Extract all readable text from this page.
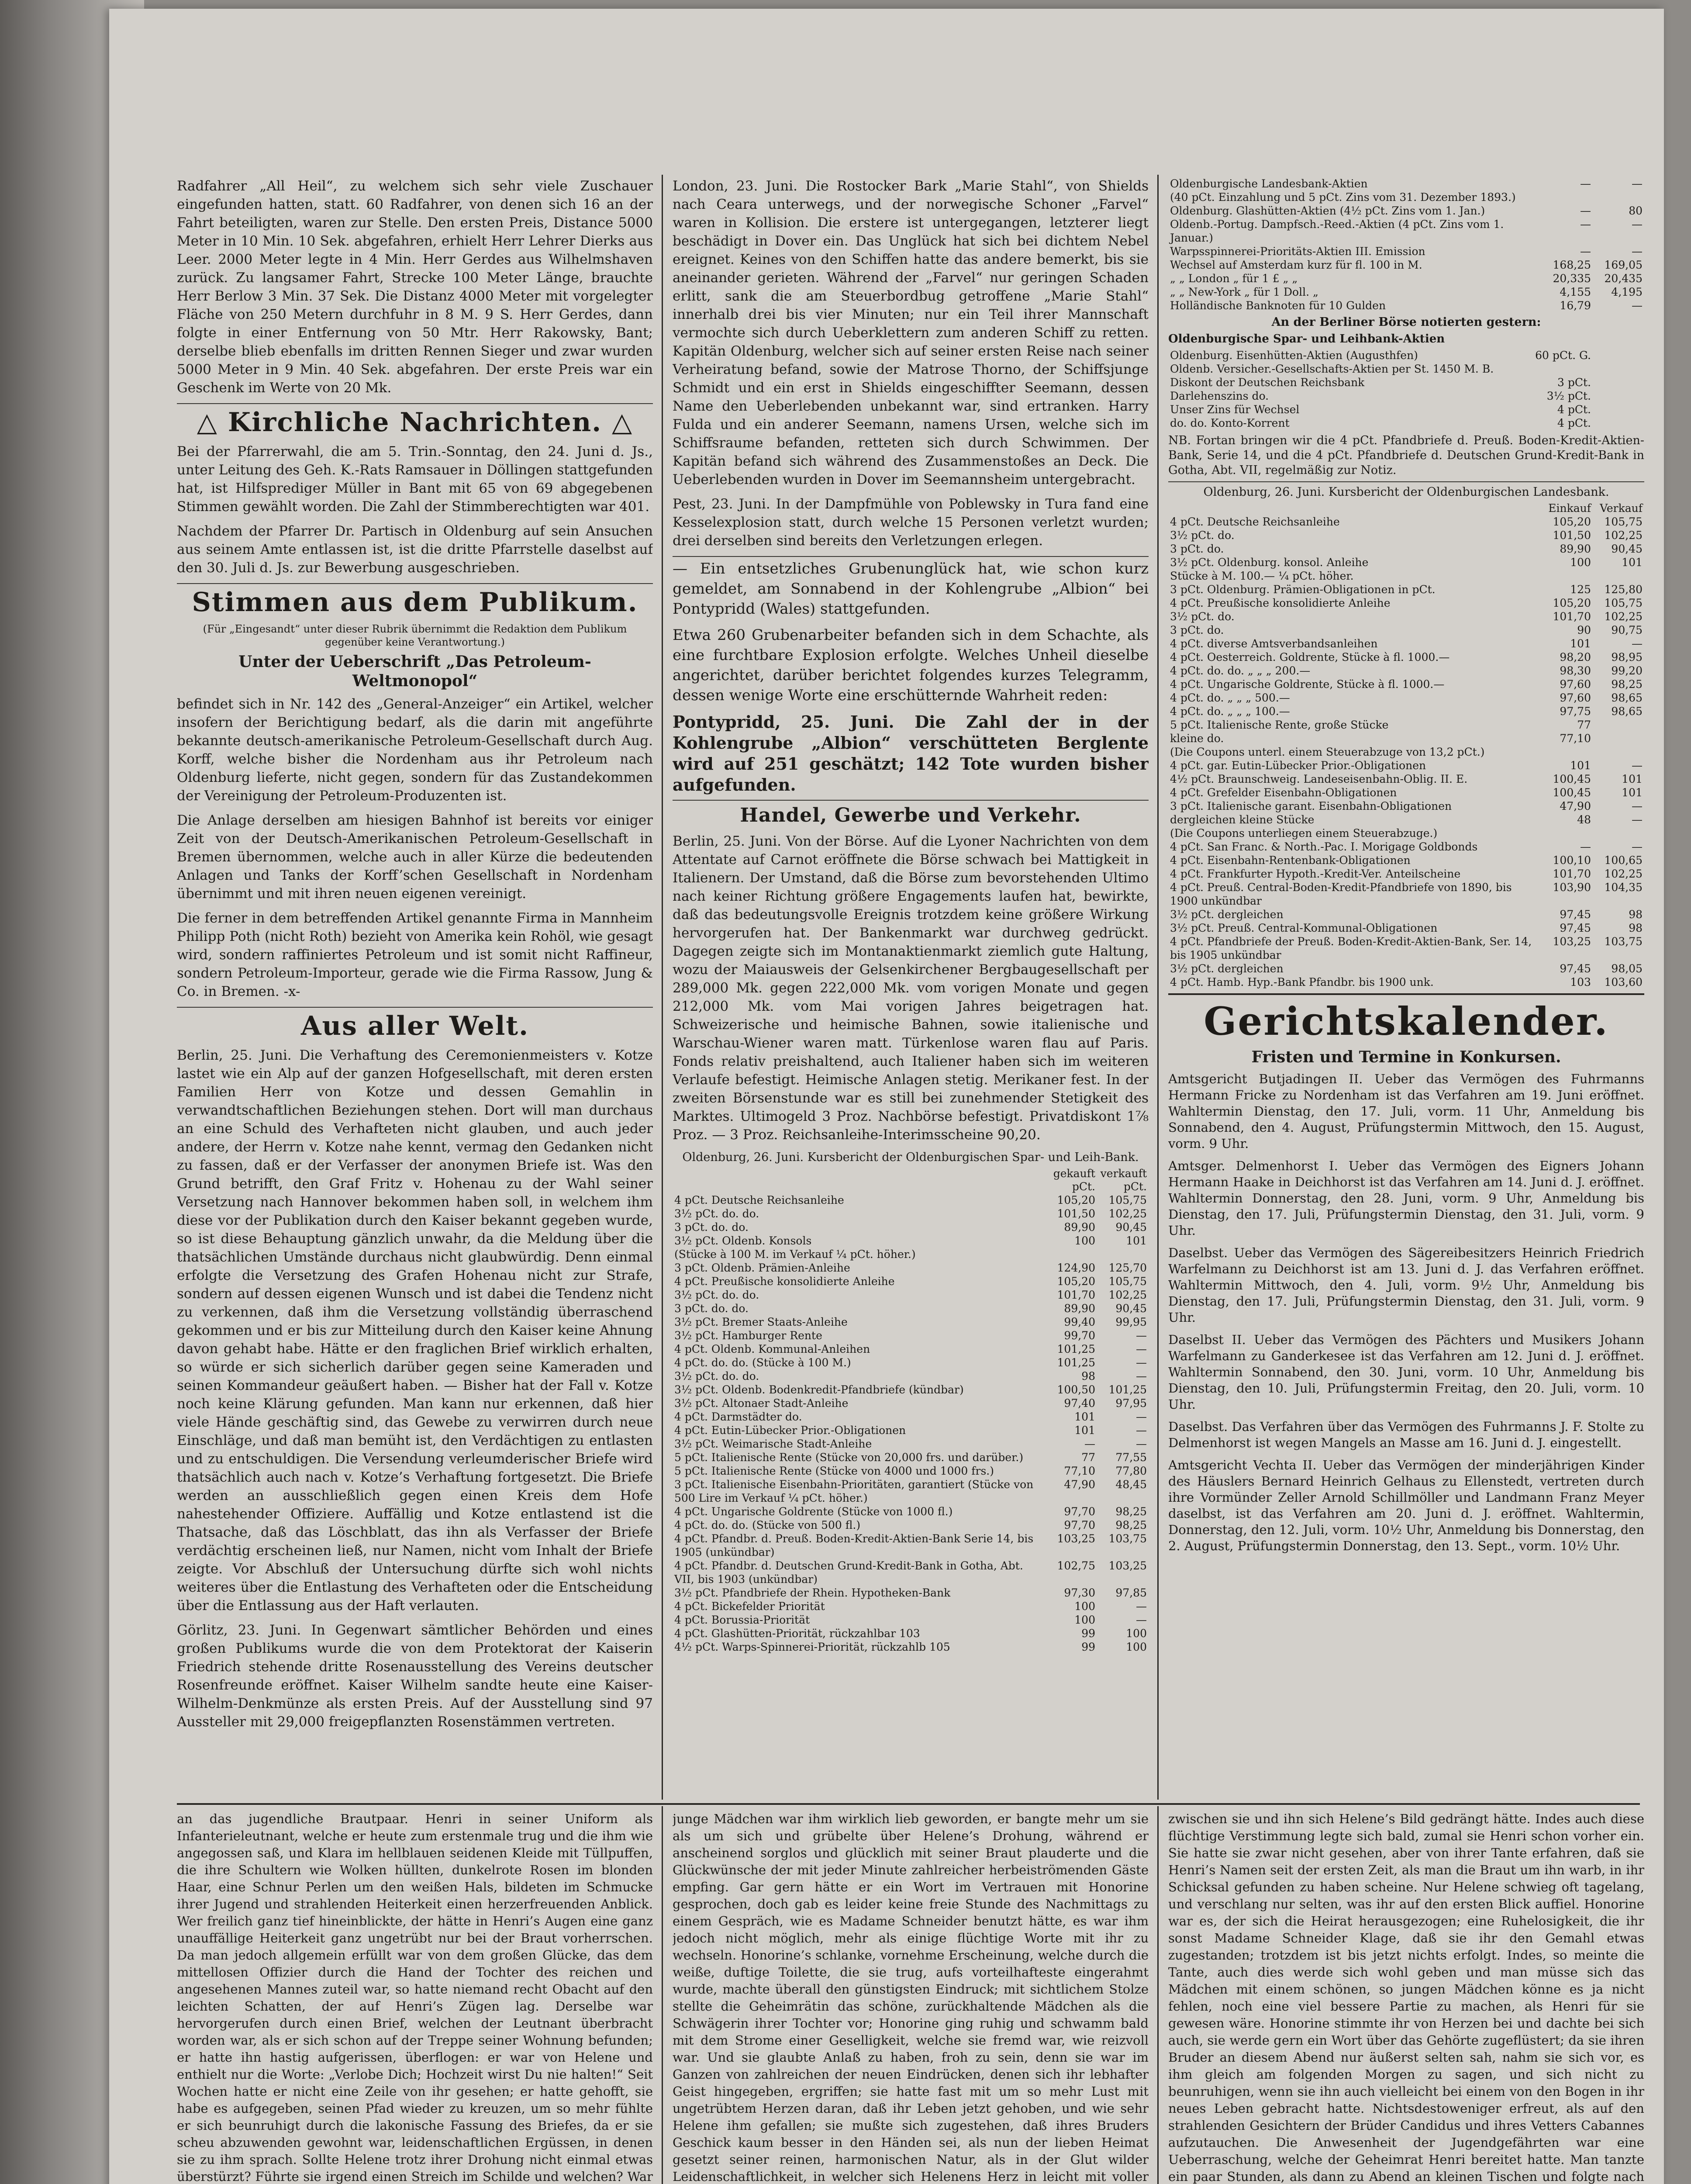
Radfahrer „All Heil“, zu welchem sich sehr viele Zuschauer eingefunden hatten, statt. 60 Radfahrer, von denen sich 16 an der Fahrt beteiligten, waren zur Stelle. Den ersten Preis, Distance 5000 Meter in 10 Min. 10 Sek. abgefahren, erhielt Herr Lehrer Dierks aus Leer. 2000 Meter legte in 4 Min. Herr Gerdes aus Wilhelmshaven zurück. Zu langsamer Fahrt, Strecke 100 Meter Länge, brauchte Herr Berlow 3 Min. 37 Sek. Die Distanz 4000 Meter mit vorgelegter Fläche von 250 Metern durchfuhr in 8 M. 9 S. Herr Gerdes, dann folgte in einer Entfernung von 50 Mtr. Herr Rakowsky, Bant; derselbe blieb ebenfalls im dritten Rennen Sieger und zwar wurden 5000 Meter in 9 Min. 40 Sek. abgefahren. Der erste Preis war ein Geschenk im Werte von 20 Mk.

△ Kirchliche Nachrichten. △

Bei der Pfarrerwahl, die am 5. Trin.-Sonntag, den 24. Juni d. Js., unter Leitung des Geh. K.-Rats Ramsauer in Döllingen stattgefunden hat, ist Hilfsprediger Müller in Bant mit 65 von 69 abgegebenen Stimmen gewählt worden. Die Zahl der Stimmberechtigten war 401.

Nachdem der Pfarrer Dr. Partisch in Oldenburg auf sein Ansuchen aus seinem Amte entlassen ist, ist die dritte Pfarrstelle daselbst auf den 30. Juli d. Js. zur Bewerbung ausgeschrieben.

Stimmen aus dem Publikum.
(Für „Eingesandt“ unter dieser Rubrik übernimmt die Redaktion dem Publikum gegenüber keine Verantwortung.)
Unter der Ueberschrift „Das Petroleum-Weltmonopol“

befindet sich in Nr. 142 des „General-Anzeiger“ ein Artikel, welcher insofern der Berichtigung bedarf, als die darin mit angeführte bekannte deutsch-amerikanische Petroleum-Gesellschaft durch Aug. Korff, welche bisher die Nordenham aus ihr Petroleum nach Oldenburg lieferte, nicht gegen, sondern für das Zustandekommen der Vereinigung der Petroleum-Produzenten ist.

Die Anlage derselben am hiesigen Bahnhof ist bereits vor einiger Zeit von der Deutsch-Amerikanischen Petroleum-Gesellschaft in Bremen übernommen, welche auch in aller Kürze die bedeutenden Anlagen und Tanks der Korff’schen Gesellschaft in Nordenham übernimmt und mit ihren neuen eigenen vereinigt.

Die ferner in dem betreffenden Artikel genannte Firma in Mannheim Philipp Poth (nicht Roth) bezieht von Amerika kein Rohöl, wie gesagt wird, sondern raffiniertes Petroleum und ist somit nicht Raffineur, sondern Petroleum-Importeur, gerade wie die Firma Rassow, Jung & Co. in Bremen. -x-

Aus aller Welt.

Berlin, 25. Juni. Die Verhaftung des Ceremonienmeisters v. Kotze lastet wie ein Alp auf der ganzen Hofgesellschaft, mit deren ersten Familien Herr von Kotze und dessen Gemahlin in verwandtschaftlichen Beziehungen stehen. Dort will man durchaus an eine Schuld des Verhafteten nicht glauben, und auch jeder andere, der Herrn v. Kotze nahe kennt, vermag den Gedanken nicht zu fassen, daß er der Verfasser der anonymen Briefe ist. Was den Grund betrifft, den Graf Fritz v. Hohenau zu der Wahl seiner Versetzung nach Hannover bekommen haben soll, in welchem ihm diese vor der Publikation durch den Kaiser bekannt gegeben wurde, so ist diese Behauptung gänzlich unwahr, da die Meldung über die thatsächlichen Umstände durchaus nicht glaubwürdig. Denn einmal erfolgte die Versetzung des Grafen Hohenau nicht zur Strafe, sondern auf dessen eigenen Wunsch und ist dabei die Tendenz nicht zu verkennen, daß ihm die Versetzung vollständig überraschend gekommen und er bis zur Mitteilung durch den Kaiser keine Ahnung davon gehabt habe. Hätte er den fraglichen Brief wirklich erhalten, so würde er sich sicherlich darüber gegen seine Kameraden und seinen Kommandeur geäußert haben. — Bisher hat der Fall v. Kotze noch keine Klärung gefunden. Man kann nur erkennen, daß hier viele Hände geschäftig sind, das Gewebe zu verwirren durch neue Einschläge, und daß man bemüht ist, den Verdächtigen zu entlasten und zu entschuldigen. Die Versendung verleumderischer Briefe wird thatsächlich auch nach v. Kotze’s Verhaftung fortgesetzt. Die Briefe werden an ausschließlich gegen einen Kreis dem Hofe nahestehender Offiziere. Auffällig und Kotze entlastend ist die Thatsache, daß das Löschblatt, das ihn als Verfasser der Briefe verdächtig erscheinen ließ, nur Namen, nicht vom Inhalt der Briefe zeigte. Vor Abschluß der Untersuchung dürfte sich wohl nichts weiteres über die Entlastung des Verhafteten oder die Entscheidung über die Entlassung aus der Haft verlauten.

Görlitz, 23. Juni. In Gegenwart sämtlicher Behörden und eines großen Publikums wurde die von dem Protektorat der Kaiserin Friedrich stehende dritte Rosenausstellung des Vereins deutscher Rosenfreunde eröffnet. Kaiser Wilhelm sandte heute eine Kaiser-Wilhelm-Denkmünze als ersten Preis. Auf der Ausstellung sind 97 Aussteller mit 29,000 freigepflanzten Rosenstämmen vertreten.

London, 23. Juni. Die Rostocker Bark „Marie Stahl“, von Shields nach Ceara unterwegs, und der norwegische Schoner „Farvel“ waren in Kollision. Die erstere ist untergegangen, letzterer liegt beschädigt in Dover ein. Das Unglück hat sich bei dichtem Nebel ereignet. Keines von den Schiffen hatte das andere bemerkt, bis sie aneinander gerieten. Während der „Farvel“ nur geringen Schaden erlitt, sank die am Steuerbordbug getroffene „Marie Stahl“ innerhalb drei bis vier Minuten; nur ein Teil ihrer Mannschaft vermochte sich durch Ueberklettern zum anderen Schiff zu retten. Kapitän Oldenburg, welcher sich auf seiner ersten Reise nach seiner Verheiratung befand, sowie der Matrose Thorno, der Schiffsjunge Schmidt und ein erst in Shields eingeschiffter Seemann, dessen Name den Ueberlebenden unbekannt war, sind ertranken. Harry Fulda und ein anderer Seemann, namens Ursen, welche sich im Schiffsraume befanden, retteten sich durch Schwimmen. Der Kapitän befand sich während des Zusammenstoßes an Deck. Die Ueberlebenden wurden in Dover im Seemannsheim untergebracht.

Pest, 23. Juni. In der Dampfmühle von Poblewsky in Tura fand eine Kesselexplosion statt, durch welche 15 Personen verletzt wurden; drei derselben sind bereits den Verletzungen erlegen.

— Ein entsetzliches Grubenunglück hat, wie schon kurz gemeldet, am Sonnabend in der Kohlengrube „Albion“ bei Pontypridd (Wales) stattgefunden.

Etwa 260 Grubenarbeiter befanden sich in dem Schachte, als eine furchtbare Explosion erfolgte. Welches Unheil dieselbe angerichtet, darüber berichtet folgendes kurzes Telegramm, dessen wenige Worte eine erschütternde Wahrheit reden:

Pontypridd, 25. Juni. Die Zahl der in der Kohlengrube „Albion“ verschütteten Berglente wird auf 251 geschätzt; 142 Tote wurden bisher aufgefunden.
Handel, Gewerbe und Verkehr.

Berlin, 25. Juni. Von der Börse. Auf die Lyoner Nachrichten von dem Attentate auf Carnot eröffnete die Börse schwach bei Mattigkeit in Italienern. Der Umstand, daß die Börse zum bevorstehenden Ultimo nach keiner Richtung größere Engagements laufen hat, bewirkte, daß das bedeutungsvolle Ereignis trotzdem keine größere Wirkung hervorgerufen hat. Der Bankenmarkt war durchweg gedrückt. Dagegen zeigte sich im Montanaktienmarkt ziemlich gute Haltung, wozu der Maiausweis der Gelsenkirchener Bergbaugesellschaft per 289,000 Mk. gegen 222,000 Mk. vom vorigen Monate und gegen 212,000 Mk. vom Mai vorigen Jahres beigetragen hat. Schweizerische und heimische Bahnen, sowie italienische und Warschau-Wiener waren matt. Türkenlose waren flau auf Paris. Fonds relativ preishaltend, auch Italiener haben sich im weiteren Verlaufe befestigt. Heimische Anlagen stetig. Merikaner fest. In der zweiten Börsenstunde war es still bei zunehmender Stetigkeit des Marktes. Ultimogeld 3 Proz. Nachbörse befestigt. Privatdiskont 1⅞ Proz. — 3 Proz. Reichsanleihe-Interimsscheine 90,20.

Oldenburg, 26. Juni. Kursbericht der Oldenburgischen Spar- und Leih-Bank.
gekauft pCt.
verkauft pCt.
4 pCt. Deutsche Reichsanleihe	105,20	105,75
3½ pCt. do. do.	101,50	102,25
3 pCt. do. do.	89,90	90,45
3½ pCt. Oldenb. Konsols	100	101
(Stücke à 100 M. im Verkauf ¼ pCt. höher.)		
3 pCt. Oldenb. Prämien-Anleihe	124,90	125,70
4 pCt. Preußische konsolidierte Anleihe	105,20	105,75
3½ pCt. do. do.	101,70	102,25
3 pCt. do. do.	89,90	90,45
3½ pCt. Bremer Staats-Anleihe	99,40	99,95
3½ pCt. Hamburger Rente	99,70	—
4 pCt. Oldenb. Kommunal-Anleihen	101,25	—
4 pCt. do. do. (Stücke à 100 M.)	101,25	—
3½ pCt. do. do.	98	—
3½ pCt. Oldenb. Bodenkredit-Pfandbriefe (kündbar)	100,50	101,25
3½ pCt. Altonaer Stadt-Anleihe	97,40	97,95
4 pCt. Darmstädter do.	101	—
4 pCt. Eutin-Lübecker Prior.-Obligationen	101	—
3½ pCt. Weimarische Stadt-Anleihe	—	—
5 pCt. Italienische Rente (Stücke von 20,000 frs. und darüber.)	77	77,55
5 pCt. Italienische Rente (Stücke von 4000 und 1000 frs.)	77,10	77,80
3 pCt. Italienische Eisenbahn-Prioritäten, garantiert (Stücke von 500 Lire im Verkauf ¼ pCt. höher.)	47,90	48,45
4 pCt. Ungarische Goldrente (Stücke von 1000 fl.)	97,70	98,25
4 pCt. do. do. (Stücke von 500 fl.)	97,70	98,25
4 pCt. Pfandbr. d. Preuß. Boden-Kredit-Aktien-Bank Serie 14, bis 1905 (unkündbar)	103,25	103,75
4 pCt. Pfandbr. d. Deutschen Grund-Kredit-Bank in Gotha, Abt. VII, bis 1903 (unkündbar)	102,75	103,25
3½ pCt. Pfandbriefe der Rhein. Hypotheken-Bank	97,30	97,85
4 pCt. Bickefelder Priorität	100	—
4 pCt. Borussia-Priorität	100	—
4 pCt. Glashütten-Priorität, rückzahlbar 103	99	100
4½ pCt. Warps-Spinnerei-Priorität, rückzahlb 105	99	100
Oldenburgische Landesbank-Aktien	—	—
(40 pCt. Einzahlung und 5 pCt. Zins vom 31. Dezember 1893.)		
Oldenburg. Glashütten-Aktien (4½ pCt. Zins vom 1. Jan.)	—	80
Oldenb.-Portug. Dampfsch.-Reed.-Aktien (4 pCt. Zins vom 1. Januar.)	—	—
Warpsspinnerei-Prioritäts-Aktien III. Emission	—	—
Wechsel auf Amsterdam kurz für fl. 100 in M.	168,25	169,05
„ „ London „ für 1 £ „ „	20,335	20,435
„ „ New-York „ für 1 Doll. „	4,155	4,195
Holländische Banknoten für 10 Gulden	16,79	—
An der Berliner Börse notierten gestern:
Oldenburgische Spar- und Leihbank-Aktien
Oldenburg. Eisenhütten-Aktien (Augusthfen)	60 pCt. G.	
Oldenb. Versicher.-Gesellschafts-Aktien per St. 1450 M. B.		
Diskont der Deutschen Reichsbank	3 pCt.	
Darlehenszins do.	3½ pCt.	
Unser Zins für Wechsel	4 pCt.	
do. do. Konto-Korrent	4 pCt.	
NB. Fortan bringen wir die 4 pCt. Pfandbriefe d. Preuß. Boden-Kredit-Aktien-Bank, Serie 14, und die 4 pCt. Pfandbriefe d. Deutschen Grund-Kredit-Bank in Gotha, Abt. VII, regelmäßig zur Notiz.
Oldenburg, 26. Juni. Kursbericht der Oldenburgischen Landesbank.
Einkauf Verkauf
4 pCt. Deutsche Reichsanleihe	105,20	105,75
3½ pCt. do.	101,50	102,25
3 pCt. do.	89,90	90,45
3½ pCt. Oldenburg. konsol. Anleihe	100	101
Stücke à M. 100.— ¼ pCt. höher.		
3 pCt. Oldenburg. Prämien-Obligationen in pCt.	125	125,80
4 pCt. Preußische konsolidierte Anleihe	105,20	105,75
3½ pCt. do.	101,70	102,25
3 pCt. do.	90	90,75
4 pCt. diverse Amtsverbandsanleihen	101	—
4 pCt. Oesterreich. Goldrente, Stücke à fl. 1000.—	98,20	98,95
4 pCt. do. do. „ „ „ 200.—	98,30	99,20
4 pCt. Ungarische Goldrente, Stücke à fl. 1000.—	97,60	98,25
4 pCt. do. „ „ „ 500.—	97,60	98,65
4 pCt. do. „ „ „ 100.—	97,75	98,65
5 pCt. Italienische Rente, große Stücke	77	
kleine do.	77,10	
(Die Coupons unterl. einem Steuerabzuge von 13,2 pCt.)		
4 pCt. gar. Eutin-Lübecker Prior.-Obligationen	101	—
4½ pCt. Braunschweig. Landeseisenbahn-Oblig. II. E.	100,45	101
4 pCt. Grefelder Eisenbahn-Obligationen	100,45	101
3 pCt. Italienische garant. Eisenbahn-Obligationen	47,90	—
dergleichen kleine Stücke	48	—
(Die Coupons unterliegen einem Steuerabzuge.)		
4 pCt. San Franc. & North.-Pac. I. Morigage Goldbonds	—	—
4 pCt. Eisenbahn-Rentenbank-Obligationen	100,10	100,65
4 pCt. Frankfurter Hypoth.-Kredit-Ver. Anteilscheine	101,70	102,25
4 pCt. Preuß. Central-Boden-Kredit-Pfandbriefe von 1890, bis 1900 unkündbar	103,90	104,35
3½ pCt. dergleichen	97,45	98
3½ pCt. Preuß. Central-Kommunal-Obligationen	97,45	98
4 pCt. Pfandbriefe der Preuß. Boden-Kredit-Aktien-Bank, Ser. 14, bis 1905 unkündbar	103,25	103,75
3½ pCt. dergleichen	97,45	98,05
4 pCt. Hamb. Hyp.-Bank Pfandbr. bis 1900 unk.	103	103,60
Gerichtskalender.
Fristen und Termine in Konkursen.

Amtsgericht Butjadingen II. Ueber das Vermögen des Fuhrmanns Hermann Fricke zu Nordenham ist das Verfahren am 19. Juni eröffnet. Wahltermin Dienstag, den 17. Juli, vorm. 11 Uhr, Anmeldung bis Sonnabend, den 4. August, Prüfungstermin Mittwoch, den 15. August, vorm. 9 Uhr.

Amtsger. Delmenhorst I. Ueber das Vermögen des Eigners Johann Hermann Haake in Deichhorst ist das Verfahren am 14. Juni d. J. eröffnet. Wahltermin Donnerstag, den 28. Juni, vorm. 9 Uhr, Anmeldung bis Dienstag, den 17. Juli, Prüfungstermin Dienstag, den 31. Juli, vorm. 9 Uhr.

Daselbst. Ueber das Vermögen des Sägereibesitzers Heinrich Friedrich Warfelmann zu Deichhorst ist am 13. Juni d. J. das Verfahren eröffnet. Wahltermin Mittwoch, den 4. Juli, vorm. 9½ Uhr, Anmeldung bis Dienstag, den 17. Juli, Prüfungstermin Dienstag, den 31. Juli, vorm. 9 Uhr.

Daselbst II. Ueber das Vermögen des Pächters und Musikers Johann Warfelmann zu Ganderkesee ist das Verfahren am 12. Juni d. J. eröffnet. Wahltermin Sonnabend, den 30. Juni, vorm. 10 Uhr, Anmeldung bis Dienstag, den 10. Juli, Prüfungstermin Freitag, den 20. Juli, vorm. 10 Uhr.

Daselbst. Das Verfahren über das Vermögen des Fuhrmanns J. F. Stolte zu Delmenhorst ist wegen Mangels an Masse am 16. Juni d. J. eingestellt.

Amtsgericht Vechta II. Ueber das Vermögen der minderjährigen Kinder des Häuslers Bernard Heinrich Gelhaus zu Ellenstedt, vertreten durch ihre Vormünder Zeller Arnold Schillmöller und Landmann Franz Meyer daselbst, ist das Verfahren am 20. Juni d. J. eröffnet. Wahltermin, Donnerstag, den 12. Juli, vorm. 10½ Uhr, Anmeldung bis Donnerstag, den 2. August, Prüfungstermin Donnerstag, den 13. Sept., vorm. 10½ Uhr.

an das jugendliche Brautpaar. Henri in seiner Uniform als Infanterieleutnant, welche er heute zum erstenmale trug und die ihm wie angegossen saß, und Klara im hellblauen seidenen Kleide mit Tüllpuffen, die ihre Schultern wie Wolken hüllten, dunkelrote Rosen im blonden Haar, eine Schnur Perlen um den weißen Hals, bildeten im Schmucke ihrer Jugend und strahlenden Heiterkeit einen herzerfreuenden Anblick. Wer freilich ganz tief hineinblickte, der hätte in Henri’s Augen eine ganz unauffällige Heiterkeit ganz ungetrübt nur bei der Braut vorherrschen. Da man jedoch allgemein erfüllt war von dem großen Glücke, das dem mittellosen Offizier durch die Hand der Tochter des reichen und angesehenen Mannes zuteil war, so hatte niemand recht Obacht auf den leichten Schatten, der auf Henri’s Zügen lag. Derselbe war hervorgerufen durch einen Brief, welchen der Leutnant überbracht worden war, als er sich schon auf der Treppe seiner Wohnung befunden; er hatte ihn hastig aufgerissen, überflogen: er war von Helene und enthielt nur die Worte: „Verlobe Dich; Hochzeit wirst Du nie halten!“ Seit Wochen hatte er nicht eine Zeile von ihr gesehen; er hatte gehofft, sie habe es aufgegeben, seinen Pfad wieder zu kreuzen, um so mehr fühlte er sich beunruhigt durch die lakonische Fassung des Briefes, da er sie scheu abzuwenden gewohnt war, leidenschaftlichen Ergüssen, in denen sie zu ihm sprach. Sollte Helene trotz ihrer Drohung nicht einmal etwas überstürzt? Führte sie irgend einen Streich im Schilde und welchen? War

junge Mädchen war ihm wirklich lieb geworden, er bangte mehr um sie als um sich und grübelte über Helene’s Drohung, während er anscheinend sorglos und glücklich mit seiner Braut plauderte und die Glückwünsche der mit jeder Minute zahlreicher herbeiströmenden Gäste empfing. Gar gern hätte er ein Wort im Vertrauen mit Honorine gesprochen, doch gab es leider keine freie Stunde des Nachmittags zu einem Gespräch, wie es Madame Schneider benutzt hätte, es war ihm jedoch nicht möglich, mehr als einige flüchtige Worte mit ihr zu wechseln. Honorine’s schlanke, vornehme Erscheinung, welche durch die weiße, duftige Toilette, die sie trug, aufs vorteilhafteste eingerahmt wurde, machte überall den günstigsten Eindruck; mit sichtlichem Stolze stellte die Geheimrätin das schöne, zurückhaltende Mädchen als die Schwägerin ihrer Tochter vor; Honorine ging ruhig und schwamm bald mit dem Strome einer Geselligkeit, welche sie fremd war, wie reizvoll war. Und sie glaubte Anlaß zu haben, froh zu sein, denn sie war im Ganzen von zahlreichen der neuen Eindrücken, denen sich ihr lebhafter Geist hingegeben, ergriffen; sie hatte fast mit um so mehr Lust mit ungetrübtem Herzen daran, daß ihr Leben jetzt gehoben, und wie sehr Helene ihm gefallen; sie mußte sich zugestehen, daß ihres Bruders Geschick kaum besser in den Händen sei, als nun der lieben Heimat gesetzt seiner reinen, harmonischen Natur, als in der Glut wilder Leidenschaftlichkeit, in welcher sich Helenens Herz in leicht mit voller

zwischen sie und ihn sich Helene’s Bild gedrängt hätte. Indes auch diese flüchtige Verstimmung legte sich bald, zumal sie Henri schon vorher ein. Sie hatte sie zwar nicht gesehen, aber von ihrer Tante erfahren, daß sie Henri’s Namen seit der ersten Zeit, als man die Braut um ihn warb, in ihr Schicksal gefunden zu haben scheine. Nur Helene schwieg oft tagelang, und verschlang nur selten, was ihr auf den ersten Blick auffiel. Honorine war es, der sich die Heirat herausgezogen; eine Ruhelosigkeit, die ihr sonst Madame Schneider Klage, daß sie ihr den Gemahl etwas zugestanden; trotzdem ist bis jetzt nichts erfolgt. Indes, so meinte die Tante, auch dies werde sich wohl geben und man müsse sich das Mädchen mit einem schönen, so jungen Mädchen könne es ja nicht fehlen, noch eine viel bessere Partie zu machen, als Henri für sie gewesen wäre. Honorine stimmte ihr von Herzen bei und dachte bei sich auch, sie werde gern ein Wort über das Gehörte zugeflüstert; da sie ihren Bruder an diesem Abend nur äußerst selten sah, nahm sie sich vor, es ihm gleich am folgenden Morgen zu sagen, und sich nicht zu beunruhigen, wenn sie ihn auch vielleicht bei einem von den Bogen in ihr neues Leben gebracht hatte. Nichtsdestoweniger erfreut, als auf den strahlenden Gesichtern der Brüder Candidus und ihres Vetters Cabannes aufzutauchen. Die Anwesenheit der Jugendgefährten war eine Ueberraschung, welche der Geheimrat Henri bereitet hatte. Man tanzte ein paar Stunden, als dann zu Abend an kleinen Tischen und folgte nach
